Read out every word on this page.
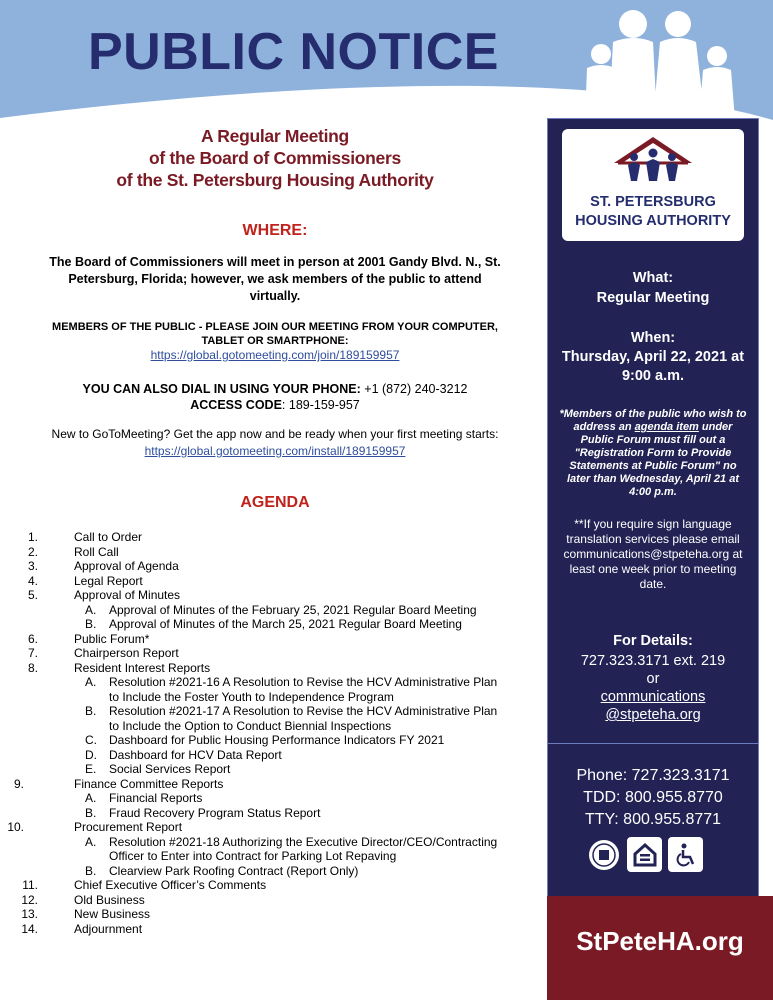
PUBLIC NOTICE
A Regular Meeting
of the Board of Commissioners
of the St. Petersburg Housing Authority
WHERE:
The Board of Commissioners will meet in person at 2001 Gandy Blvd. N., St.
Petersburg, Florida; however, we ask members of the public to attend
virtually.
MEMBERS OF THE PUBLIC - PLEASE JOIN OUR MEETING FROM YOUR COMPUTER,
TABLET OR SMARTPHONE:
https://global.gotomeeting.com/join/189159957
YOU CAN ALSO DIAL IN USING YOUR PHONE: +1 (872) 240-3212
ACCESS CODE: 189-159-957
New to GoToMeeting? Get the app now and be ready when your first meeting starts:
https://global.gotomeeting.com/install/189159957
AGENDA
1.	Call to Order
2.	Roll Call
3.	Approval of Agenda
4.	Legal Report
5.	Approval of Minutes
A. Approval of Minutes of the February 25, 2021 Regular Board Meeting
B. Approval of Minutes of the March 25, 2021 Regular Board Meeting
6.	Public Forum*
7.	Chairperson Report
8.	Resident Interest Reports
A. Resolution #2021-16 A Resolution to Revise the HCV Administrative Plan
to Include the Foster Youth to Independence Program
B. Resolution #2021-17 A Resolution to Revise the HCV Administrative Plan
to Include the Option to Conduct Biennial Inspections
C. Dashboard for Public Housing Performance Indicators FY 2021
D. Dashboard for HCV Data Report
E. Social Services Report
9.	Finance Committee Reports
A. Financial Reports
B. Fraud Recovery Program Status Report
10.	Procurement Report
A. Resolution #2021-18 Authorizing the Executive Director/CEO/Contracting
Officer to Enter into Contract for Parking Lot Repaving
B. Clearview Park Roofing Contract (Report Only)
11.	Chief Executive Officer’s Comments
12.	Old Business
13.	New Business
14.	Adjournment
ST. PETERSBURG
HOUSING AUTHORITY
What:
Regular Meeting
When:
Thursday, April 22, 2021 at
9:00 a.m.
*Members of the public who wish to address an agenda item under Public Forum must fill out a "Registration Form to Provide Statements at Public Forum" no later than Wednesday, April 21 at 4:00 p.m.
**If you require sign language translation services please email communications@stpeteha.org at least one week prior to meeting date.
For Details:
727.323.3171 ext. 219
or
communications
@stpeteha.org
Phone: 727.323.3171
TDD: 800.955.8770
TTY: 800.955.8771
StPeteHA.org
